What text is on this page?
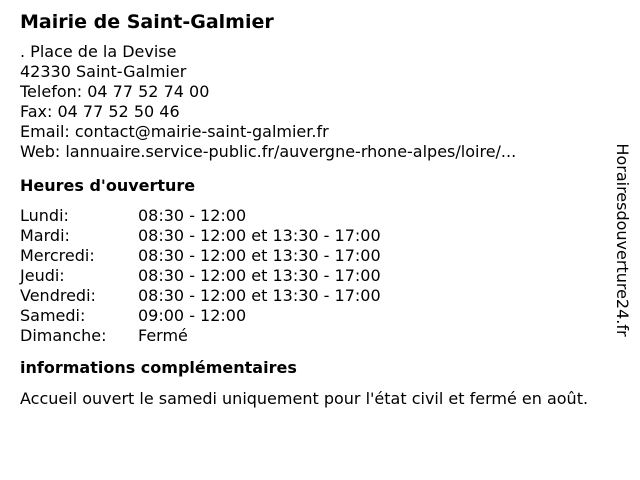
Mairie de Saint-Galmier
. Place de la Devise
42330 Saint-Galmier
Telefon: 04 77 52 74 00
Fax: 04 77 52 50 46
Email: contact@mairie-saint-galmier.fr
Web: lannuaire.service-public.fr/auvergne-rhone-alpes/loire/...
Heures d'ouverture
Lundi:	08:30 - 12:00
Mardi:	08:30 - 12:00 et 13:30 - 17:00
Mercredi:	08:30 - 12:00 et 13:30 - 17:00
Jeudi:	08:30 - 12:00 et 13:30 - 17:00
Vendredi:	08:30 - 12:00 et 13:30 - 17:00
Samedi:	09:00 - 12:00
Dimanche:	Fermé
informations complémentaires
Accueil ouvert le samedi uniquement pour l'état civil et fermé en août.
Horairesdouverture24.fr
